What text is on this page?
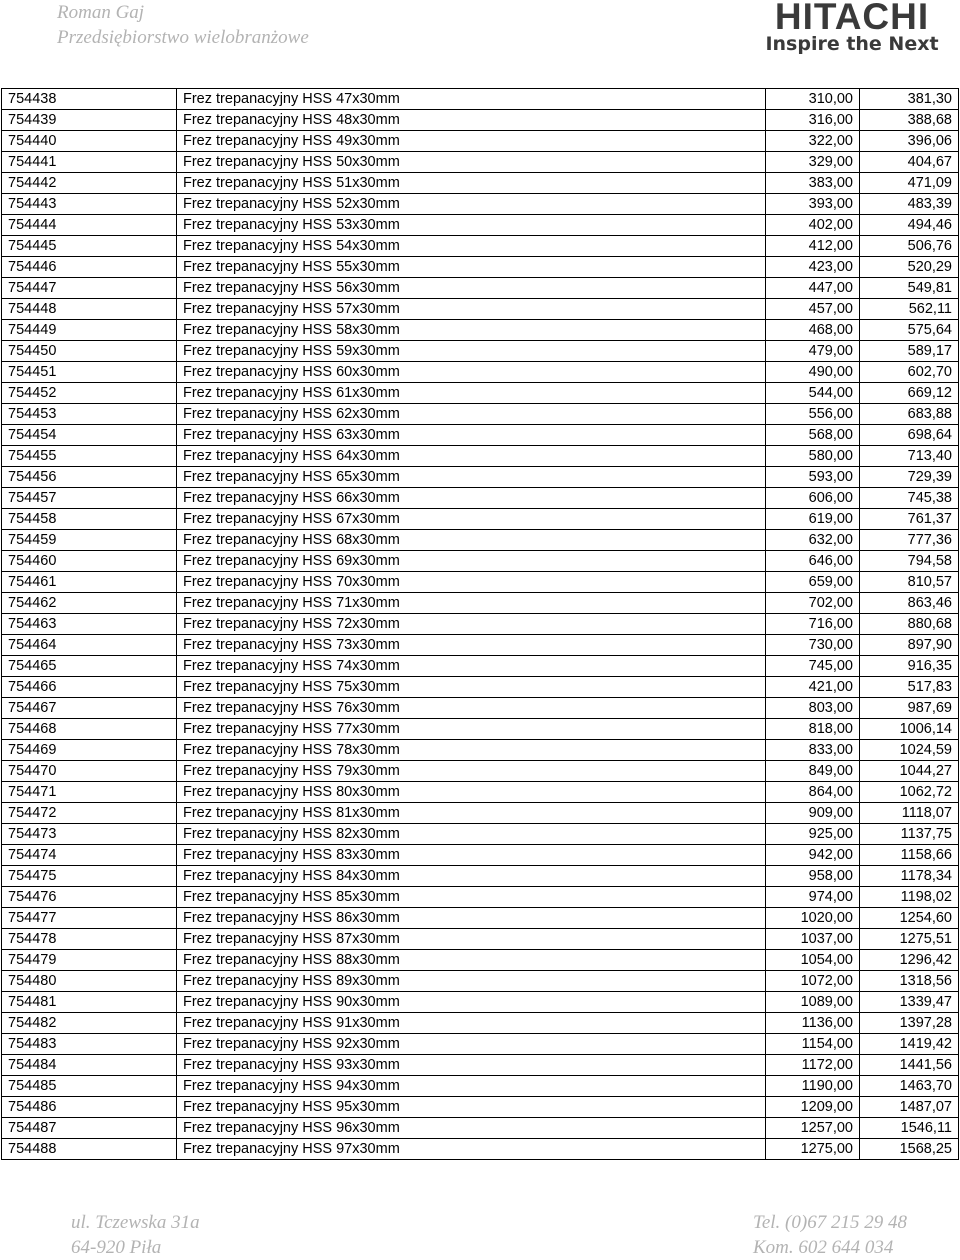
Roman Gaj
Przedsiębiorstwo wielobranżowe
HITACHI
Inspire the Next
754438	Frez trepanacyjny HSS 47x30mm	310,00	381,30
754439	Frez trepanacyjny HSS 48x30mm	316,00	388,68
754440	Frez trepanacyjny HSS 49x30mm	322,00	396,06
754441	Frez trepanacyjny HSS 50x30mm	329,00	404,67
754442	Frez trepanacyjny HSS 51x30mm	383,00	471,09
754443	Frez trepanacyjny HSS 52x30mm	393,00	483,39
754444	Frez trepanacyjny HSS 53x30mm	402,00	494,46
754445	Frez trepanacyjny HSS 54x30mm	412,00	506,76
754446	Frez trepanacyjny HSS 55x30mm	423,00	520,29
754447	Frez trepanacyjny HSS 56x30mm	447,00	549,81
754448	Frez trepanacyjny HSS 57x30mm	457,00	562,11
754449	Frez trepanacyjny HSS 58x30mm	468,00	575,64
754450	Frez trepanacyjny HSS 59x30mm	479,00	589,17
754451	Frez trepanacyjny HSS 60x30mm	490,00	602,70
754452	Frez trepanacyjny HSS 61x30mm	544,00	669,12
754453	Frez trepanacyjny HSS 62x30mm	556,00	683,88
754454	Frez trepanacyjny HSS 63x30mm	568,00	698,64
754455	Frez trepanacyjny HSS 64x30mm	580,00	713,40
754456	Frez trepanacyjny HSS 65x30mm	593,00	729,39
754457	Frez trepanacyjny HSS 66x30mm	606,00	745,38
754458	Frez trepanacyjny HSS 67x30mm	619,00	761,37
754459	Frez trepanacyjny HSS 68x30mm	632,00	777,36
754460	Frez trepanacyjny HSS 69x30mm	646,00	794,58
754461	Frez trepanacyjny HSS 70x30mm	659,00	810,57
754462	Frez trepanacyjny HSS 71x30mm	702,00	863,46
754463	Frez trepanacyjny HSS 72x30mm	716,00	880,68
754464	Frez trepanacyjny HSS 73x30mm	730,00	897,90
754465	Frez trepanacyjny HSS 74x30mm	745,00	916,35
754466	Frez trepanacyjny HSS 75x30mm	421,00	517,83
754467	Frez trepanacyjny HSS 76x30mm	803,00	987,69
754468	Frez trepanacyjny HSS 77x30mm	818,00	1006,14
754469	Frez trepanacyjny HSS 78x30mm	833,00	1024,59
754470	Frez trepanacyjny HSS 79x30mm	849,00	1044,27
754471	Frez trepanacyjny HSS 80x30mm	864,00	1062,72
754472	Frez trepanacyjny HSS 81x30mm	909,00	1118,07
754473	Frez trepanacyjny HSS 82x30mm	925,00	1137,75
754474	Frez trepanacyjny HSS 83x30mm	942,00	1158,66
754475	Frez trepanacyjny HSS 84x30mm	958,00	1178,34
754476	Frez trepanacyjny HSS 85x30mm	974,00	1198,02
754477	Frez trepanacyjny HSS 86x30mm	1020,00	1254,60
754478	Frez trepanacyjny HSS 87x30mm	1037,00	1275,51
754479	Frez trepanacyjny HSS 88x30mm	1054,00	1296,42
754480	Frez trepanacyjny HSS 89x30mm	1072,00	1318,56
754481	Frez trepanacyjny HSS 90x30mm	1089,00	1339,47
754482	Frez trepanacyjny HSS 91x30mm	1136,00	1397,28
754483	Frez trepanacyjny HSS 92x30mm	1154,00	1419,42
754484	Frez trepanacyjny HSS 93x30mm	1172,00	1441,56
754485	Frez trepanacyjny HSS 94x30mm	1190,00	1463,70
754486	Frez trepanacyjny HSS 95x30mm	1209,00	1487,07
754487	Frez trepanacyjny HSS 96x30mm	1257,00	1546,11
754488	Frez trepanacyjny HSS 97x30mm	1275,00	1568,25
ul. Tczewska 31a
64-920 Piła
Tel. (0)67 215 29 48
Kom. 602 644 034
